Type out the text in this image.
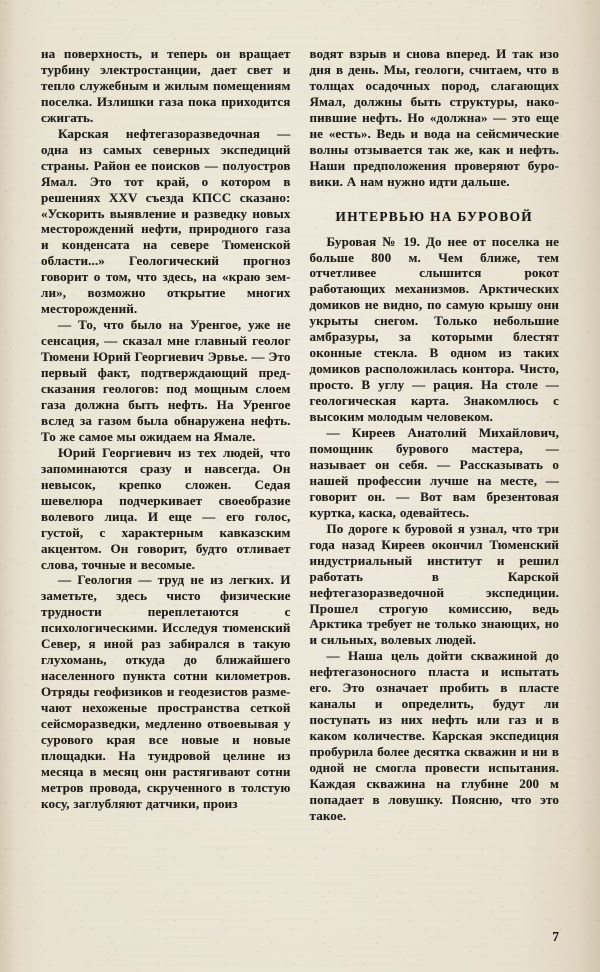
на поверхность, и теперь он вращает турбину электростанции, дает свет и тепло служебным и жилым помещениям поселка. Излишки газа пока приходится сжигать.

Карская нефтегазоразведочная — одна из самых северных экспедиций страны. Район ее поисков — полуостров Ямал. Это тот край, о котором в решениях XXV съезда КПСС сказано: «Ускорить выявление и разведку новых месторождений нефти, природного газа и конденсата на севере Тюменской области...» Геологический прогноз говорит о том, что здесь, на «краю земли», возможно открытие многих месторождений.

— То, что было на Уренгое, уже не сенсация, — сказал мне главный геолог Тюмени Юрий Георгиевич Эрвье. — Это первый факт, подтверждающий предсказания геологов: под мощным слоем газа должна быть нефть. На Уренгое вслед за газом была обнаружена нефть. То же самое мы ожидаем на Ямале.

Юрий Георгиевич из тех людей, что запоминаются сразу и навсегда. Он невысок, крепко сложен. Седая шевелюра подчеркивает своеобразие волевого лица. И еще — его голос, густой, с характерным кавказским акцентом. Он говорит, будто отливает слова, точные и весомые.

— Геология — труд не из легких. И заметьте, здесь чисто физические трудности переплетаются с психологическими. Исследуя тюменский Север, я иной раз забирался в такую глухомань, откуда до ближайшего населенного пункта сотни километров. Отряды геофизиков и геодезистов размечают нехоженые пространства сеткой сейсморазведки, медленно отвоевывая у сурового края все новые и новые площадки. На тундровой целине из месяца в месяц они растягивают сотни метров провода, скрученного в толстую косу, заглубляют датчики, произ

водят взрыв и снова вперед. И так изо дня в день. Мы, геологи, считаем, что в толщах осадочных пород, слагающих Ямал, должны быть структуры, накопившие нефть. Но «должна» — это еще не «есть». Ведь и вода на сейсмические волны отзывается так же, как и нефть. Наши предположения проверяют буровики. А нам нужно идти дальше.

ИНТЕРВЬЮ НА БУРОВОЙ

Буровая № 19. До нее от поселка не больше 800 м. Чем ближе, тем отчетливее слышится рокот работающих механизмов. Арктических домиков не видно, по самую крышу они укрыты снегом. Только небольшие амбразуры, за которыми блестят оконные стекла. В одном из таких домиков расположилась контора. Чисто, просто. В углу — рация. На столе — геологическая карта. Знакомлюсь с высоким молодым человеком.

— Киреев Анатолий Михайлович, помощник бурового мастера, — называет он себя. — Рассказывать о нашей профессии лучше на месте, — говорит он. — Вот вам брезентовая куртка, каска, одевайтесь.

По дороге к буровой я узнал, что три года назад Киреев окончил Тюменский индустриальный институт и решил работать в Карской нефтегазоразведочной экспедиции. Прошел строгую комиссию, ведь Арктика требует не только знающих, но и сильных, волевых людей.

— Наша цель дойти скважиной до нефтегазоносного пласта и испытать его. Это означает пробить в пласте каналы и определить, будут ли поступать из них нефть или газ и в каком количестве. Карская экспедиция пробурила более десятка скважин и ни в одной не смогла провести испытания. Каждая скважина на глубине 200 м попадает в ловушку. Поясню, что это такое.

7
